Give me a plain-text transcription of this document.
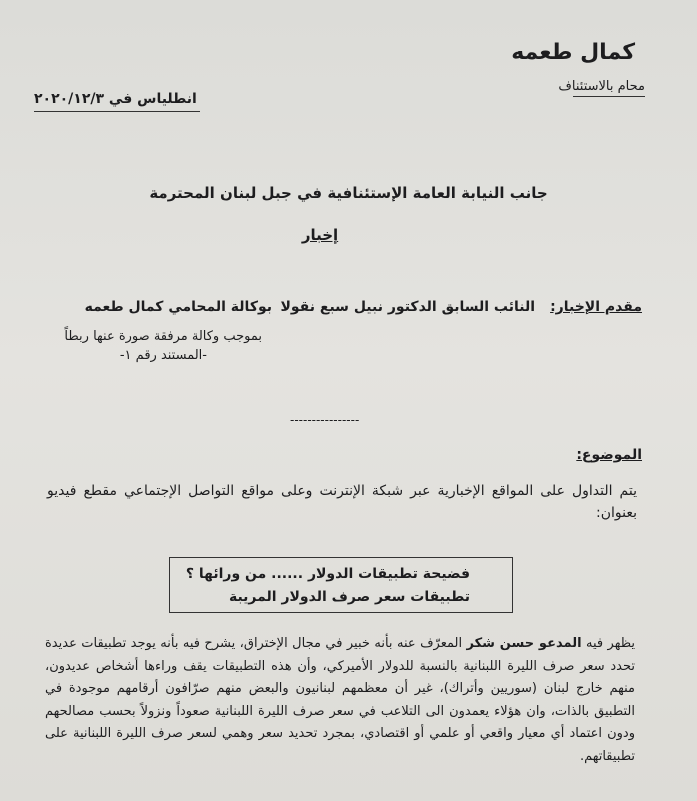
كمال طعمه
محام بالاستئناف
انطلياس في ٢٠٢٠/١٢/٣
جانب النيابة العامة الإستئنافية في جبل لبنان المحترمة
إخبار
مقدم الإخبار:
النائب السابق الدكتور نبيل سبع نقولا
بوكالة المحامي كمال طعمه
بموجب وكالة مرفقة صورة عنها ربطاً
-المستند رقم ١-
----------------
الموضوع:
يتم التداول على المواقع الإخبارية عبر شبكة الإنترنت وعلى مواقع التواصل الإجتماعي مقطع فيديو بعنوان:
فضيحة تطبيقات الدولار ...... من ورائها ؟
تطبيقات سعر صرف الدولار المريبة
يظهر فيه المدعو حسن شكر المعرّف عنه بأنه خبير في مجال الإختراق، يشرح فيه بأنه يوجد تطبيقات عديدة تحدد سعر صرف الليرة اللبنانية بالنسبة للدولار الأميركي، وأن هذه التطبيقات يقف وراءها أشخاص عديدون، منهم خارج لبنان (سوريين وأتراك)، غير أن معظمهم لبنانيون والبعض منهم صرّافون أرقامهم موجودة في التطبيق بالذات، وان هؤلاء يعمدون الى التلاعب في سعر صرف الليرة اللبنانية صعوداً ونزولاً بحسب مصالحهم ودون اعتماد أي معيار واقعي أو علمي أو اقتصادي، بمجرد تحديد سعر وهمي لسعر صرف الليرة اللبنانية على تطبيقاتهم.
